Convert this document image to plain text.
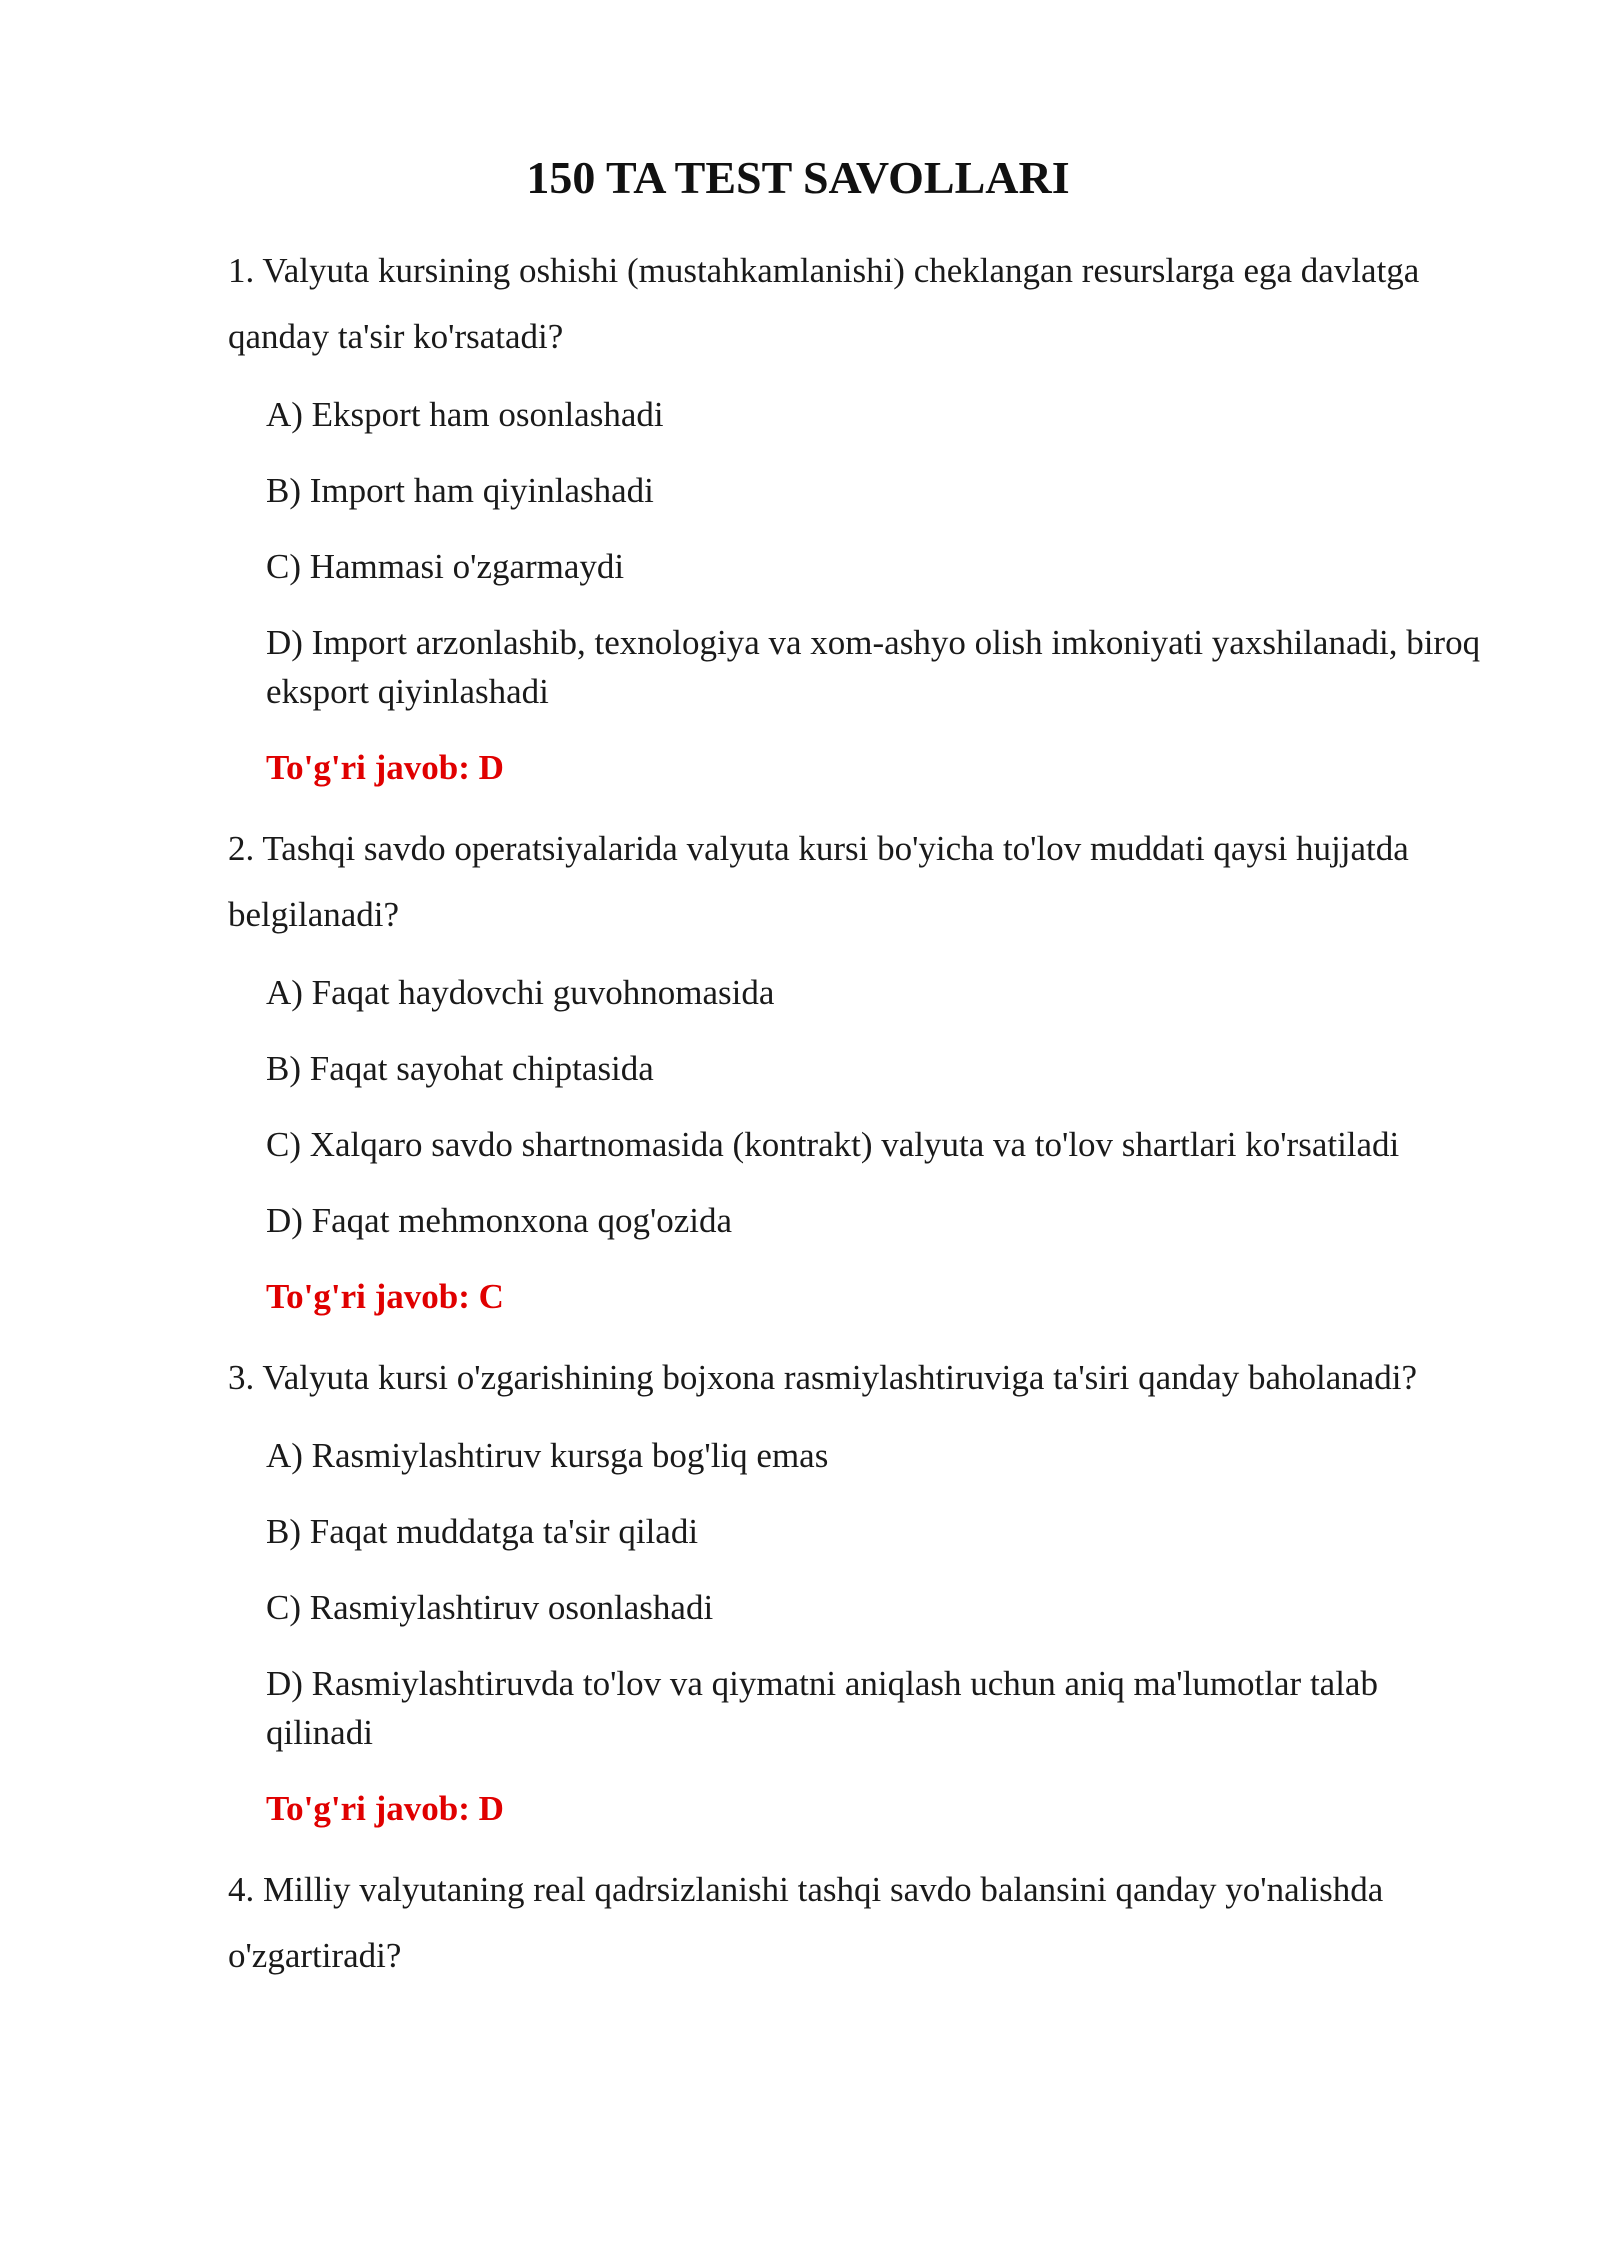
150 TA TEST SAVOLLARI

1. Valyuta kursining oshishi (mustahkamlanishi) cheklangan resurslarga ega davlatga qanday ta'sir ko'rsatadi?

A) Eksport ham osonlashadi
B) Import ham qiyinlashadi
C) Hammasi o'zgarmaydi
D) Import arzonlashib, texnologiya va xom-ashyo olish imkoniyati yaxshilanadi, biroq eksport qiyinlashadi

To'g'ri javob: D

2. Tashqi savdo operatsiyalarida valyuta kursi bo'yicha to'lov muddati qaysi hujjatda belgilanadi?

A) Faqat haydovchi guvohnomasida
B) Faqat sayohat chiptasida
C) Xalqaro savdo shartnomasida (kontrakt) valyuta va to'lov shartlari ko'rsatiladi
D) Faqat mehmonxona qog'ozida

To'g'ri javob: C

3. Valyuta kursi o'zgarishining bojxona rasmiylashtiruviga ta'siri qanday baholanadi?

A) Rasmiylashtiruv kursga bog'liq emas
B) Faqat muddatga ta'sir qiladi
C) Rasmiylashtiruv osonlashadi
D) Rasmiylashtiruvda to'lov va qiymatni aniqlash uchun aniq ma'lumotlar talab qilinadi

To'g'ri javob: D

4. Milliy valyutaning real qadrsizlanishi tashqi savdo balansini qanday yo'nalishda o'zgartiradi?
